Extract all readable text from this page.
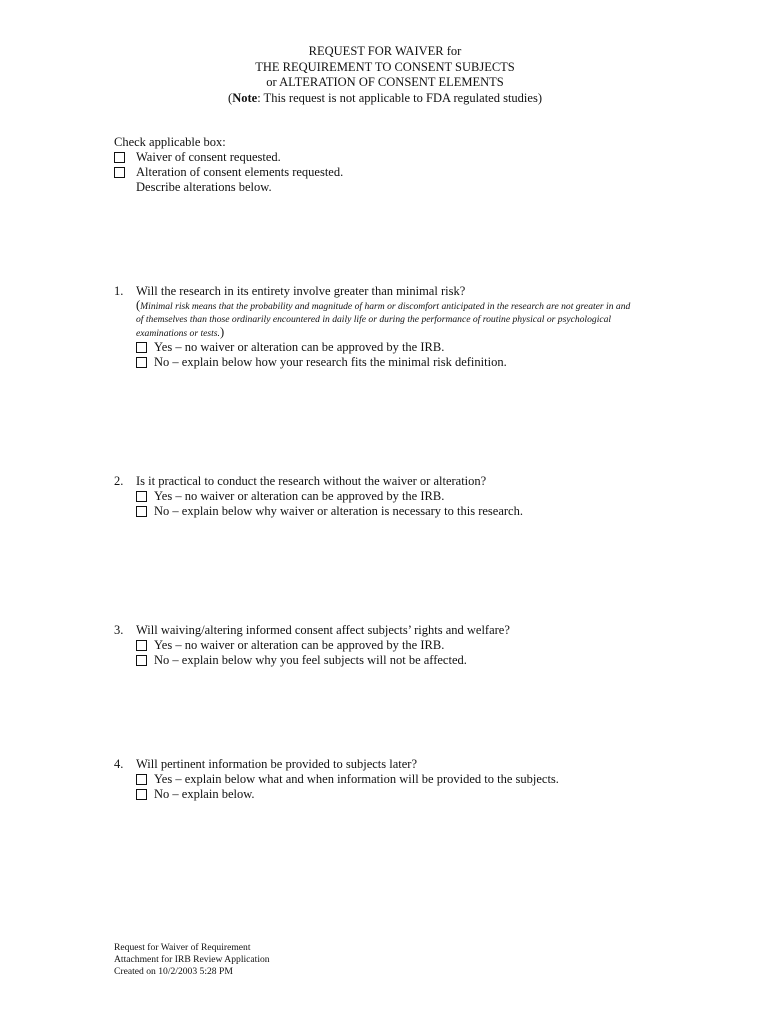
REQUEST FOR WAIVER for
THE REQUIREMENT TO CONSENT SUBJECTS
or ALTERATION OF CONSENT ELEMENTS
(Note: This request is not applicable to FDA regulated studies)
Check applicable box:
Waiver of consent requested.
Alteration of consent elements requested.
Describe alterations below.
1. Will the research in its entirety involve greater than minimal risk?
(Minimal risk means that the probability and magnitude of harm or discomfort anticipated in the research are not greater in and
of themselves than those ordinarily encountered in daily life or during the performance of routine physical or psychological
examinations or tests.)
Yes – no waiver or alteration can be approved by the IRB.
No – explain below how your research fits the minimal risk definition.
2. Is it practical to conduct the research without the waiver or alteration?
Yes – no waiver or alteration can be approved by the IRB.
No – explain below why waiver or alteration is necessary to this research.
3. Will waiving/altering informed consent affect subjects’ rights and welfare?
Yes – no waiver or alteration can be approved by the IRB.
No – explain below why you feel subjects will not be affected.
4. Will pertinent information be provided to subjects later?
Yes – explain below what and when information will be provided to the subjects.
No – explain below.
Request for Waiver of Requirement
Attachment for IRB Review Application
Created on 10/2/2003 5:28 PM
